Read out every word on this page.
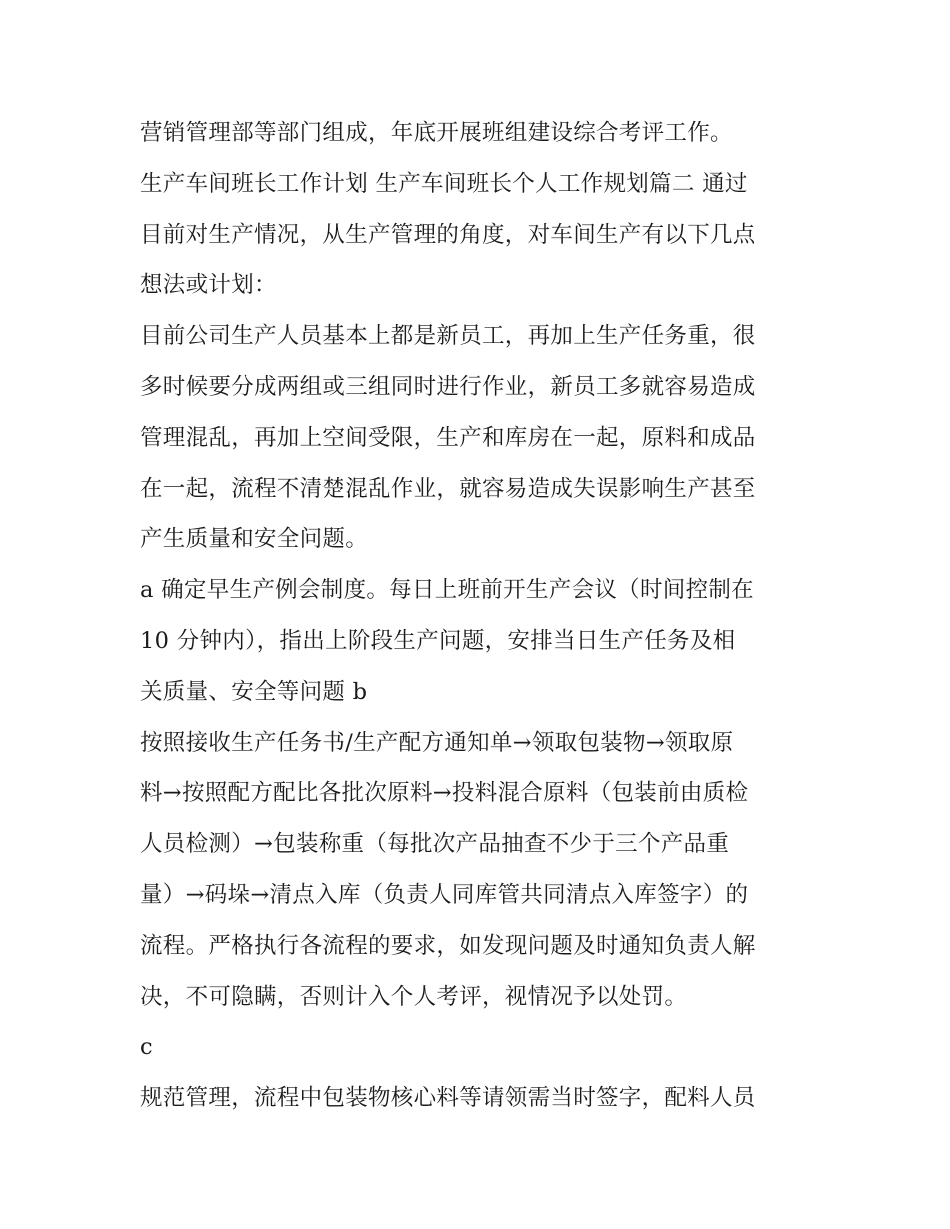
营销管理部等部门组成，年底开展班组建设综合考评工作。
生产车间班长工作计划 生产车间班长个人工作规划篇二 通过
目前对生产情况，从生产管理的角度，对车间生产有以下几点
想法或计划：
目前公司生产人员基本上都是新员工，再加上生产任务重，很
多时候要分成两组或三组同时进行作业，新员工多就容易造成
管理混乱，再加上空间受限，生产和库房在一起，原料和成品
在一起，流程不清楚混乱作业，就容易造成失误影响生产甚至
产生质量和安全问题。
a 确定早生产例会制度。每日上班前开生产会议（时间控制在
10 分钟内），指出上阶段生产问题，安排当日生产任务及相
关质量、安全等问题 b
按照接收生产任务书/生产配方通知单→领取包装物→领取原
料→按照配方配比各批次原料→投料混合原料（包装前由质检
人员检测）→包装称重（每批次产品抽查不少于三个产品重
量）→码垛→清点入库（负责人同库管共同清点入库签字）的
流程。严格执行各流程的要求，如发现问题及时通知负责人解
决，不可隐瞒，否则计入个人考评，视情况予以处罚。
c
规范管理，流程中包装物核心料等请领需当时签字，配料人员
